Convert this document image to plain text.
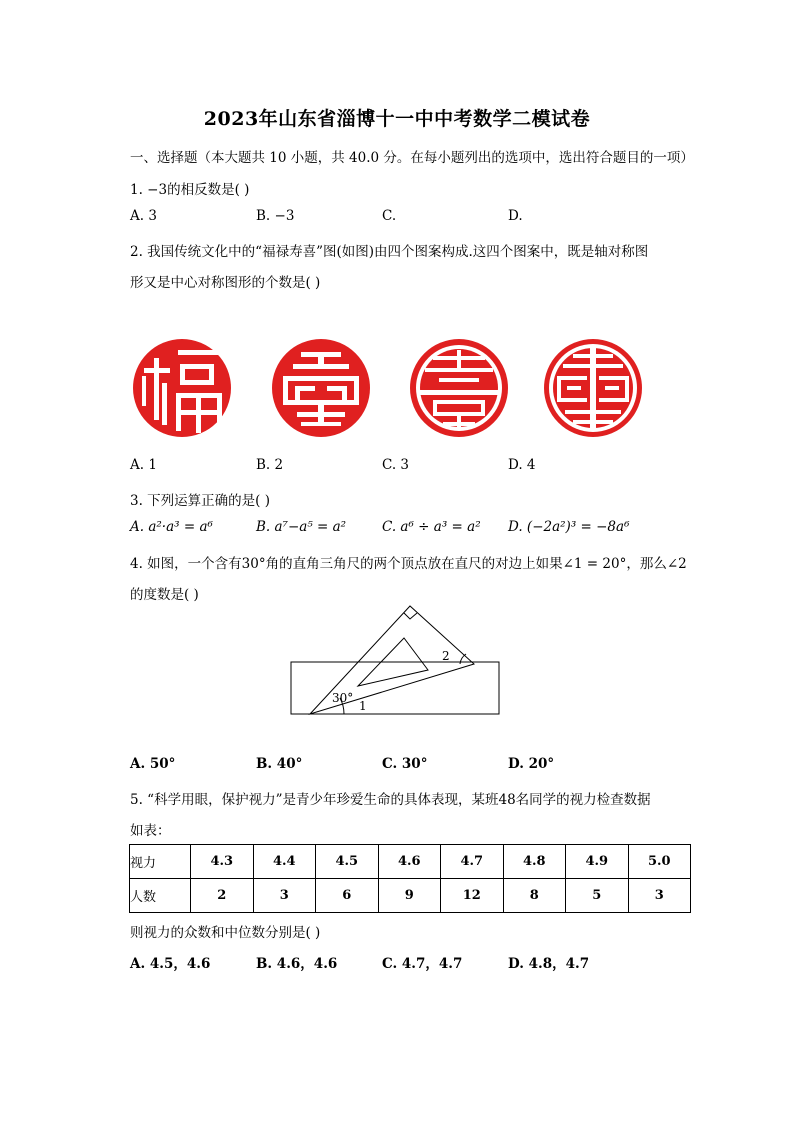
2023年山东省淄博十一中中考数学二模试卷
一、选择题（本大题共 10 小题，共 40.0 分。在每小题列出的选项中，选出符合题目的一项）
1. −3的相反数是( )
A. 3	B. −3	C.	D.
2. 我国传统文化中的“福禄寿喜”图(如图)由四个图案构成.这四个图案中，既是轴对称图
形又是中心对称图形的个数是( )
A. 1	B. 2	C. 3	D. 4
3. 下列运算正确的是( )
A. a²·a³ = a⁶	B. a⁷−a⁵ = a²	C. a⁶ ÷ a³ = a² D. (−2a²)³ = −8a⁶
4. 如图，一个含有30°角的直角三角尺的两个顶点放在直尺的对边上如果∠1 = 20°，那么∠2
的度数是( )
30°
1
2
A. 50°	B. 40°	C. 30°	D. 20°
5. “科学用眼，保护视力”是青少年珍爱生命的具体表现，某班48名同学的视力检查数据
如表：
视力	4.3	4.4	4.5	4.6	4.7	4.8	4.9	5.0
人数	2	3	6	9	12	8	5	3
则视力的众数和中位数分别是( )
A. 4.5，4.6	B. 4.6，4.6	C. 4.7，4.7	D. 4.8，4.7
